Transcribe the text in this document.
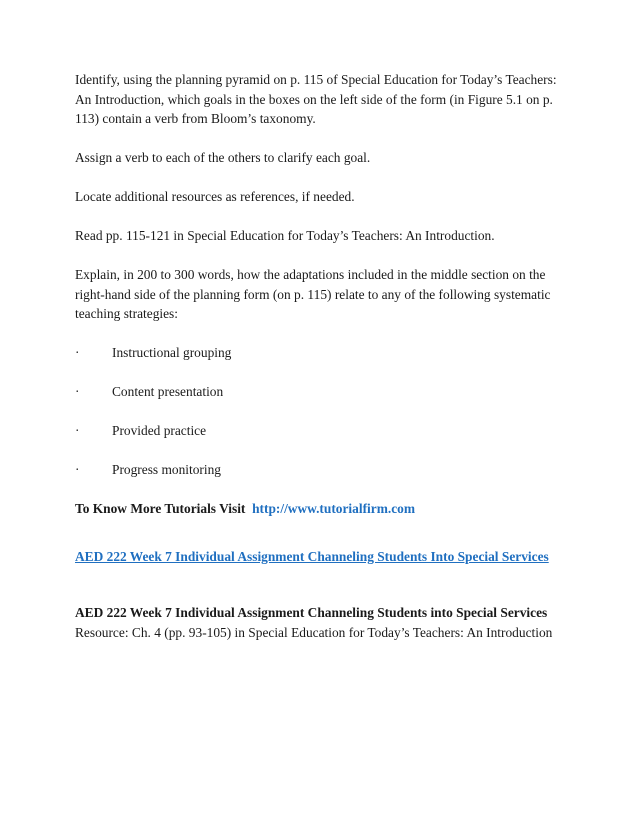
Identify, using the planning pyramid on p. 115 of Special Education for Today’s Teachers: An Introduction, which goals in the boxes on the left side of the form (in Figure 5.1 on p. 113) contain a verb from Bloom’s taxonomy.

Assign a verb to each of the others to clarify each goal.

Locate additional resources as references, if needed.

Read pp. 115-121 in Special Education for Today’s Teachers: An Introduction.

Explain, in 200 to 300 words, how the adaptations included in the middle section on the right-hand side of the planning form (on p. 115) relate to any of the following systematic teaching strategies:

·	Instructional grouping
·	Content presentation
·	Provided practice
·	Progress monitoring

To Know More Tutorials Visit http://www.tutorialfirm.com

AED 222 Week 7 Individual Assignment Channeling Students Into Special Services

AED 222 Week 7 Individual Assignment Channeling Students into Special Services

Resource: Ch. 4 (pp. 93-105) in Special Education for Today’s Teachers: An Introduction
